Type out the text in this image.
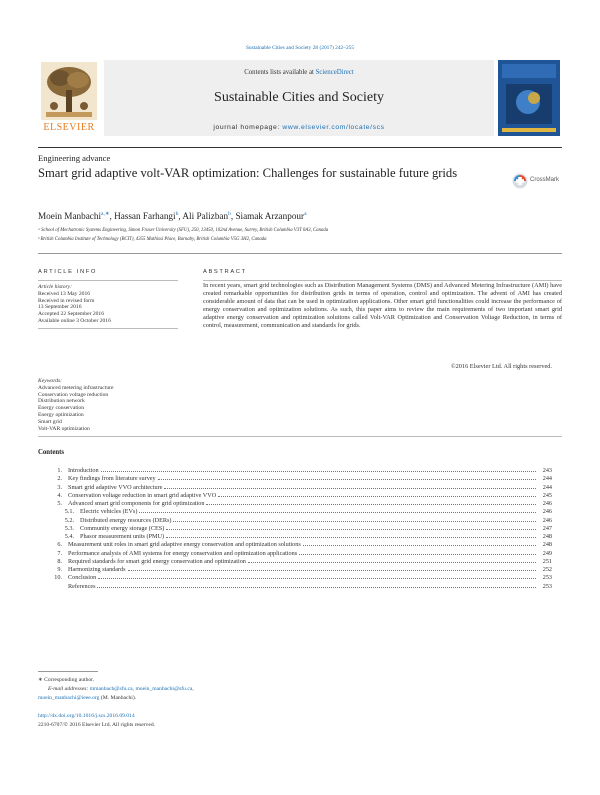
Sustainable Cities and Society 28 (2017) 242–255
ELSEVIER
Contents lists available at ScienceDirect
Sustainable Cities and Society
journal homepage: www.elsevier.com/locate/scs
Engineering advance
Smart grid adaptive volt-VAR optimization: Challenges for sustainable future grids	CrossMark
Moein Manbachi$^{a,∗}$, Hassan Farhangi$^b$, Ali Palizban$^b$, Siamak Arzanpour$^a$
ᵃ School of Mechatronic Systems Engineering, Simon Fraser University (SFU), 250, 13450, 102nd Avenue, Surrey, British Columbia V3T 0A3, Canada
ᵇ British Columbia Institute of Technology (BCIT), 4355 Mathissi Place, Burnaby, British Columbia V5G 3H2, Canada
ARTICLE INFO	ABSTRACT
Article history:
Received 13 May 2016
Received in revised form
13 September 2016
Accepted 22 September 2016
Available online 3 October 2016
Keywords:
Advanced metering infrastructure
Conservation voltage reduction
Distribution network
Energy conservation
Energy optimization
Smart grid
Volt-VAR optimization
In recent years, smart grid technologies such as Distribution Management Systems (DMS) and Advanced Metering Infrastructure (AMI) have created remarkable opportunities for distribution grids in terms of operation, control and optimization. The advent of AMI has created considerable amount of data that can be used in optimization applications. Other smart grid functionalities could increase the performance of energy conservation and optimization solutions. As such, this paper aims to review the main requirements of two important smart grid adaptive energy conservation and optimization solutions called Volt-VAR Optimization and Conservation Voltage Reduction, in terms of control, measurement, communication and standards for grids.
©2016 Elsevier Ltd. All rights reserved.
Contents
1. Introduction	243
2. Key findings from literature survey	244
3. Smart grid adaptive VVO architecture	244
4. Conservation voltage reduction in smart grid adaptive VVO	245
5. Advanced smart grid components for grid optimization	246
5.1. Electric vehicles (EVs)	246
5.2. Distributed energy resources (DERs)	246
5.3. Community energy storage (CES)	247
5.4. Phasor measurement units (PMU)	248
6. Measurement unit roles in smart grid adaptive energy conservation and optimization solutions	248
7. Performance analysis of AMI systems for energy conservation and optimization applications	249
8. Required standards for smart grid energy conservation and optimization	251
9. Harmonizing standards	252
10. Conclusion	253
References	253
∗ Corresponding author.
E-mail addresses: mmanbach@sfu.ca, moein_manbachi@sfu.ca,
moein_manbachi@ieee.org (M. Manbachi).
http://dx.doi.org/10.1016/j.scs.2016.09.014
2210-6707/© 2016 Elsevier Ltd. All rights reserved.
